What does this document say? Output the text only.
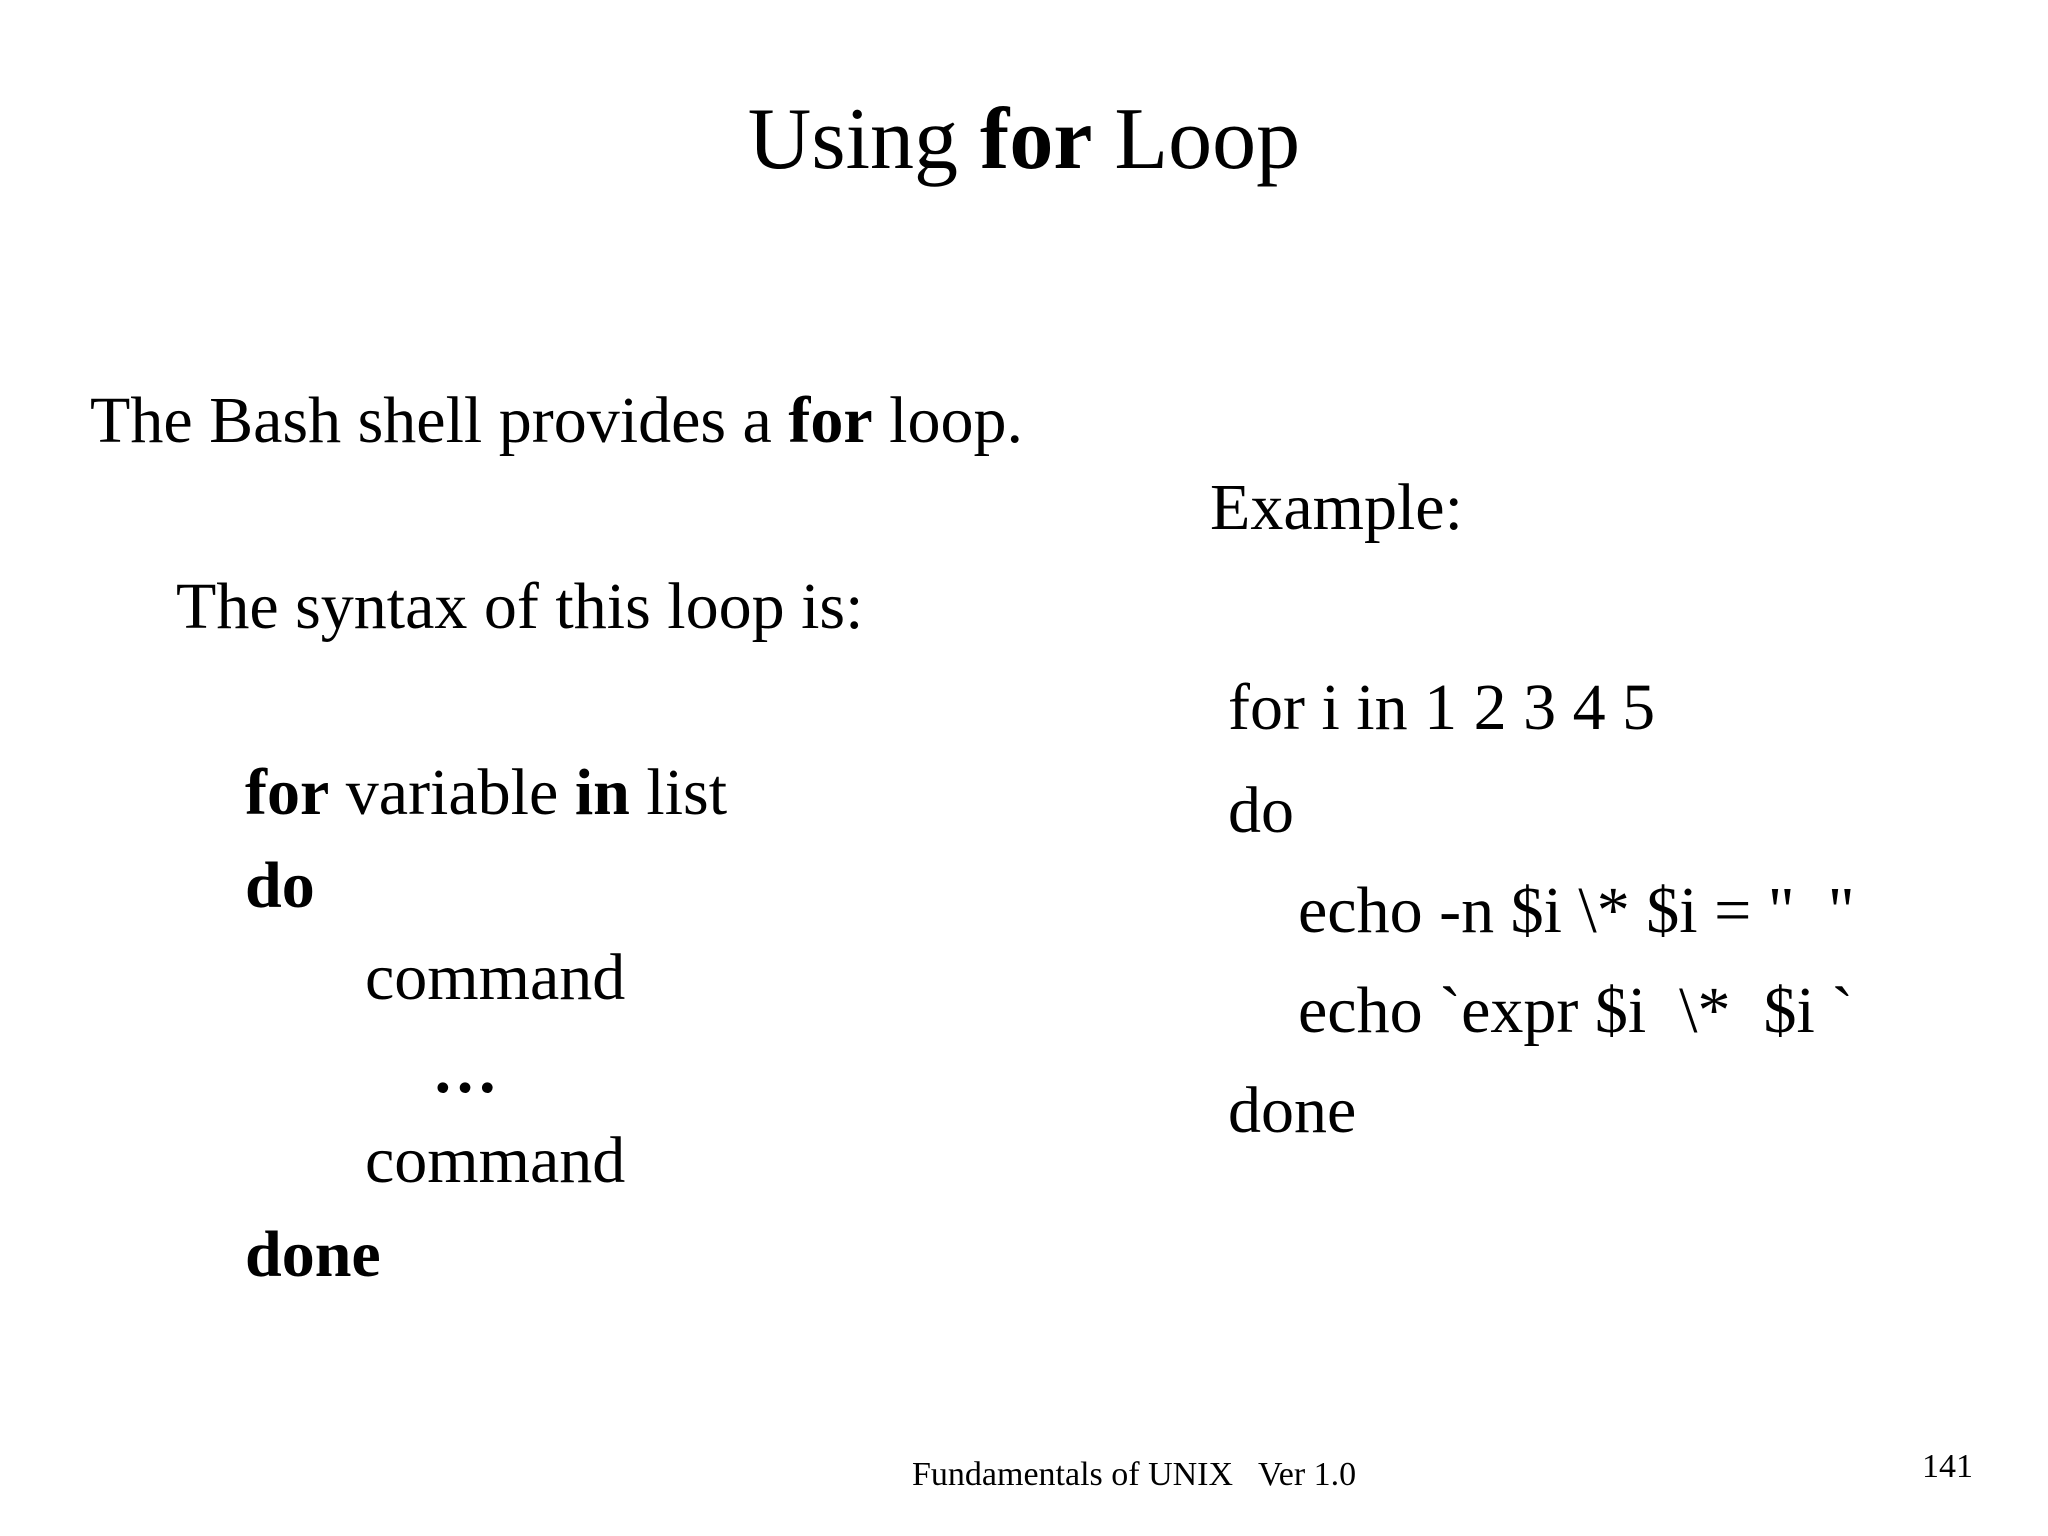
Using for Loop
The Bash shell provides a for loop.
The syntax of this loop is:
for variable in list
do
command
…
command
done
Example:
for i in 1 2 3 4 5
do
echo -n $i \* $i = "  "
echo `expr $i  \*  $i `
done
Fundamentals of UNIX   Ver 1.0	141
